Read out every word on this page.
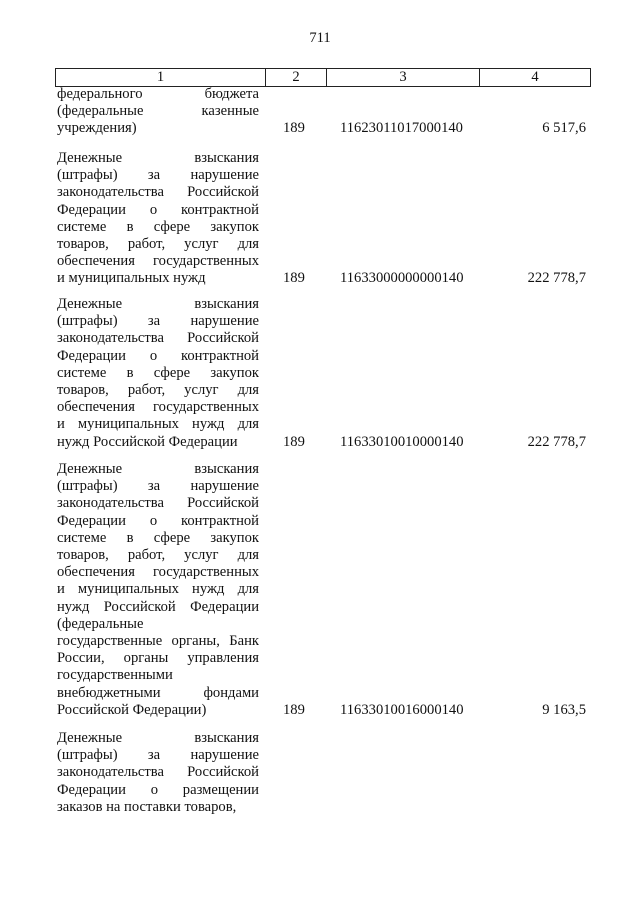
711
1	2	3	4
федерального бюджета
(федеральные казенные
учреждения)	189	11623011017000140	6 517,6
Денежные взыскания
(штрафы) за нарушение
законодательства Российской
Федерации о контрактной
системе в сфере закупок
товаров, работ, услуг для
обеспечения государственных
и муниципальных нужд	189	11633000000000140	222 778,7
Денежные взыскания
(штрафы) за нарушение
законодательства Российской
Федерации о контрактной
системе в сфере закупок
товаров, работ, услуг для
обеспечения государственных
и муниципальных нужд для
нужд Российской Федерации	189	11633010010000140	222 778,7
Денежные взыскания
(штрафы) за нарушение
законодательства Российской
Федерации о контрактной
системе в сфере закупок
товаров, работ, услуг для
обеспечения государственных
и муниципальных нужд для
нужд Российской Федерации
(федеральные
государственные органы, Банк
России, органы управления
государственными
внебюджетными фондами
Российской Федерации)	189	11633010016000140	9 163,5
Денежные взыскания
(штрафы) за нарушение
законодательства Российской
Федерации о размещении
заказов на поставки товаров,
